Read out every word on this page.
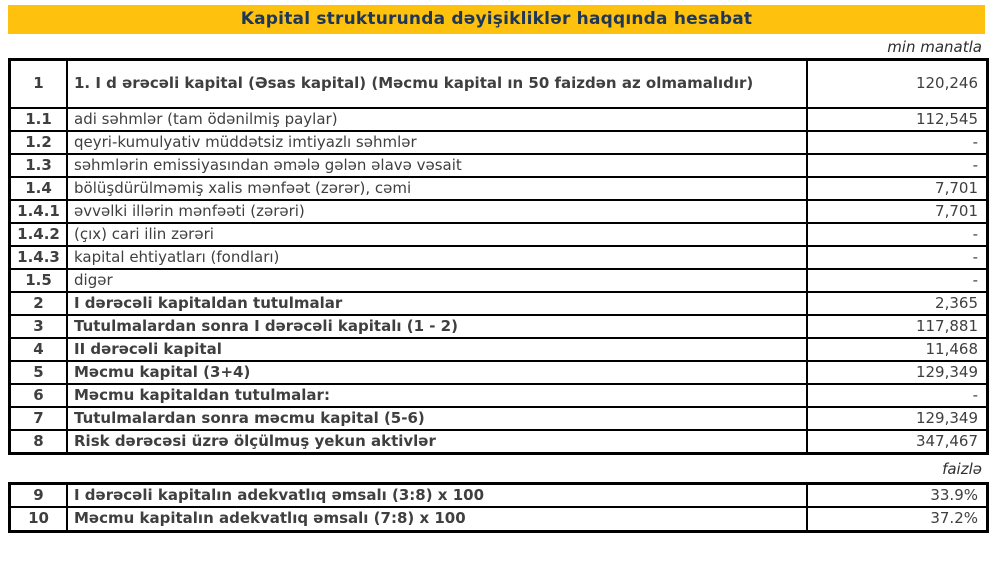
Kapital strukturunda dəyişikliklər haqqında hesabat
min manatla
1	1. I d ərəcəli kapital (Əsas kapital) (Məcmu kapital ın 50 faizdən az olmamalıdır)	120,246
1.1	adi səhmlər (tam ödənilmiş paylar)	112,545
1.2	qeyri-kumulyativ müddətsiz imtiyazlı səhmlər	-
1.3	səhmlərin emissiyasından əmələ gələn əlavə vəsait	-
1.4	bölüşdürülməmiş xalis mənfəət (zərər), cəmi	7,701
1.4.1	əvvəlki illərin mənfəəti (zərəri)	7,701
1.4.2	(çıx) cari ilin zərəri	-
1.4.3	kapital ehtiyatları (fondları)	-
1.5	digər	-
2	I dərəcəli kapitaldan tutulmalar	2,365
3	Tutulmalardan sonra I dərəcəli kapitalı (1 - 2)	117,881
4	II dərəcəli kapital	11,468
5	Məcmu kapital (3+4)	129,349
6	Məcmu kapitaldan tutulmalar:	-
7	Tutulmalardan sonra məcmu kapital (5-6)	129,349
8	Risk dərəcəsi üzrə ölçülmuş yekun aktivlər	347,467
faizlə
9	I dərəcəli kapitalın adekvatlıq əmsalı (3:8) x 100	33.9%
10	Məcmu kapitalın adekvatlıq əmsalı (7:8) x 100	37.2%
